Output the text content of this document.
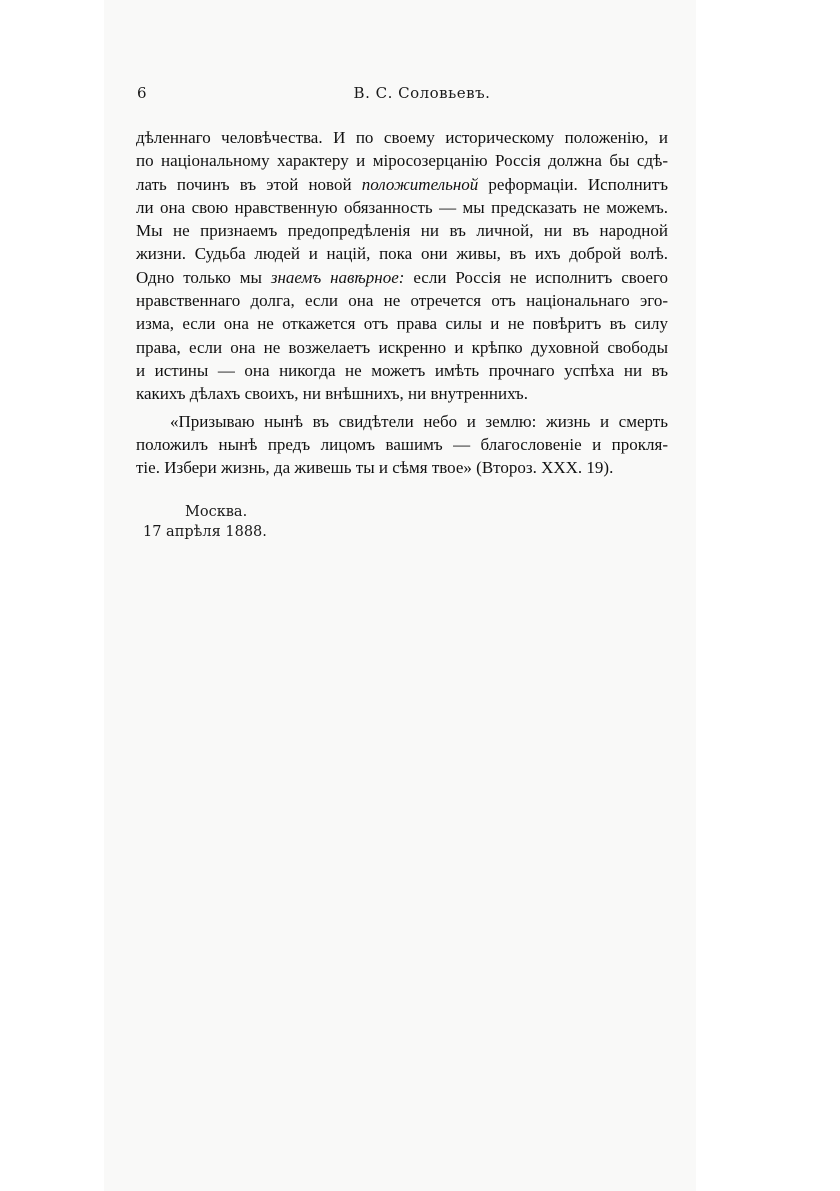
6	В. С. Соловьевъ.
дѣленнаго человѣчества. И по своему историческому положенію, и
по національному характеру и міросозерцанію Россія должна бы сдѣ-
лать починъ въ этой новой положительной реформаціи. Исполнитъ
ли она свою нравственную обязанность — мы предсказать не можемъ.
Мы не признаемъ предопредѣленія ни въ личной, ни въ народной
жизни. Судьба людей и націй, пока они живы, въ ихъ доброй волѣ.
Одно только мы знаемъ навѣрное: если Россія не исполнитъ своего
нравственнаго долга, если она не отречется отъ національнаго эго-
изма, если она не откажется отъ права силы и не повѣритъ въ силу
права, если она не возжелаетъ искренно и крѣпко духовной свободы
и истины — она никогда не можетъ имѣть прочнаго успѣха ни въ
какихъ дѣлахъ своихъ, ни внѣшнихъ, ни внутреннихъ.
«Призываю нынѣ въ свидѣтели небо и землю: жизнь и смерть
положилъ нынѣ предъ лицомъ вашимъ — благословеніе и прокля-
тіе. Избери жизнь, да живешь ты и сѣмя твое» (Второз. XXX. 19).
Москва.
17 апрѣля 1888.
